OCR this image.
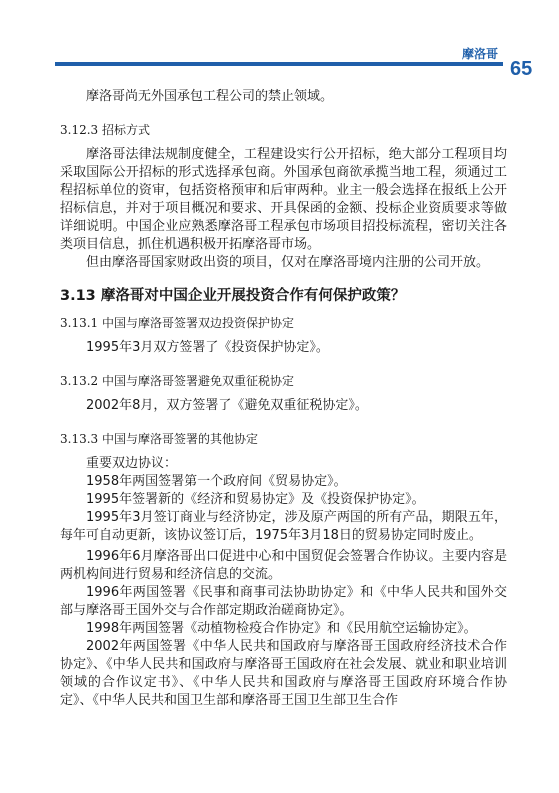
摩洛哥
65

摩洛哥尚无外国承包工程公司的禁止领域。

3.12.3 招标方式

摩洛哥法律法规制度健全，工程建设实行公开招标，绝大部分工程项目均采取国际公开招标的形式选择承包商。外国承包商欲承揽当地工程，须通过工程招标单位的资审，包括资格预审和后审两种。业主一般会选择在报纸上公开招标信息，并对于项目概况和要求、开具保函的金额、投标企业资质要求等做详细说明。中国企业应熟悉摩洛哥工程承包市场项目招投标流程，密切关注各类项目信息，抓住机遇积极开拓摩洛哥市场。

但由摩洛哥国家财政出资的项目，仅对在摩洛哥境内注册的公司开放。

3.13 摩洛哥对中国企业开展投资合作有何保护政策？
3.13.1 中国与摩洛哥签署双边投资保护协定

1995年3月双方签署了《投资保护协定》。

3.13.2 中国与摩洛哥签署避免双重征税协定

2002年8月，双方签署了《避免双重征税协定》。

3.13.3 中国与摩洛哥签署的其他协定

重要双边协议：

1958年两国签署第一个政府间《贸易协定》。

1995年签署新的《经济和贸易协定》及《投资保护协定》。

1995年3月签订商业与经济协定，涉及原产两国的所有产品，期限五年，每年可自动更新，该协议签订后，1975年3月18日的贸易协定同时废止。

1996年6月摩洛哥出口促进中心和中国贸促会签署合作协议。主要内容是两机构间进行贸易和经济信息的交流。

1996年两国签署《民事和商事司法协助协定》和《中华人民共和国外交部与摩洛哥王国外交与合作部定期政治磋商协定》。

1998年两国签署《动植物检疫合作协定》和《民用航空运输协定》。

2002年两国签署《中华人民共和国政府与摩洛哥王国政府经济技术合作协定》、《中华人民共和国政府与摩洛哥王国政府在社会发展、就业和职业培训领域的合作议定书》、《中华人民共和国政府与摩洛哥王国政府环境合作协定》、《中华人民共和国卫生部和摩洛哥王国卫生部卫生合作
